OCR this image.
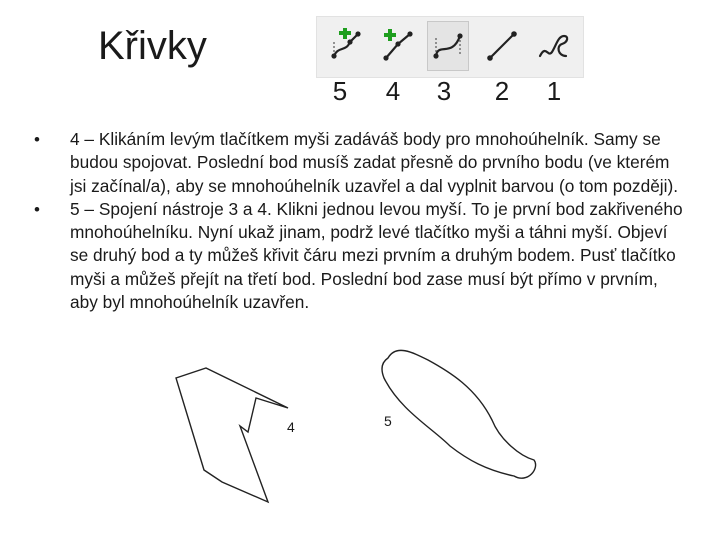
Křivky
5	4	3	2	1
• 4 – Klikáním levým tlačítkem myši zadáváš body pro mnohoúhelník. Samy se budou spojovat. Poslední bod musíš zadat přesně do prvního bodu (ve kterém jsi začínal/a), aby se mnohoúhelník uzavřel a dal vyplnit barvou (o tom později).
• 5 – Spojení nástroje 3 a 4. Klikni jednou levou myší. To je první bod zakřiveného mnohoúhelníku. Nyní ukaž jinam, podrž levé tlačítko myši a táhni myší. Objeví se druhý bod a ty můžeš křivit čáru mezi prvním a druhým bodem. Pusť tlačítko myši a můžeš přejít na třetí bod. Poslední bod zase musí být přímo v prvním, aby byl mnohoúhelník uzavřen.
4	5
